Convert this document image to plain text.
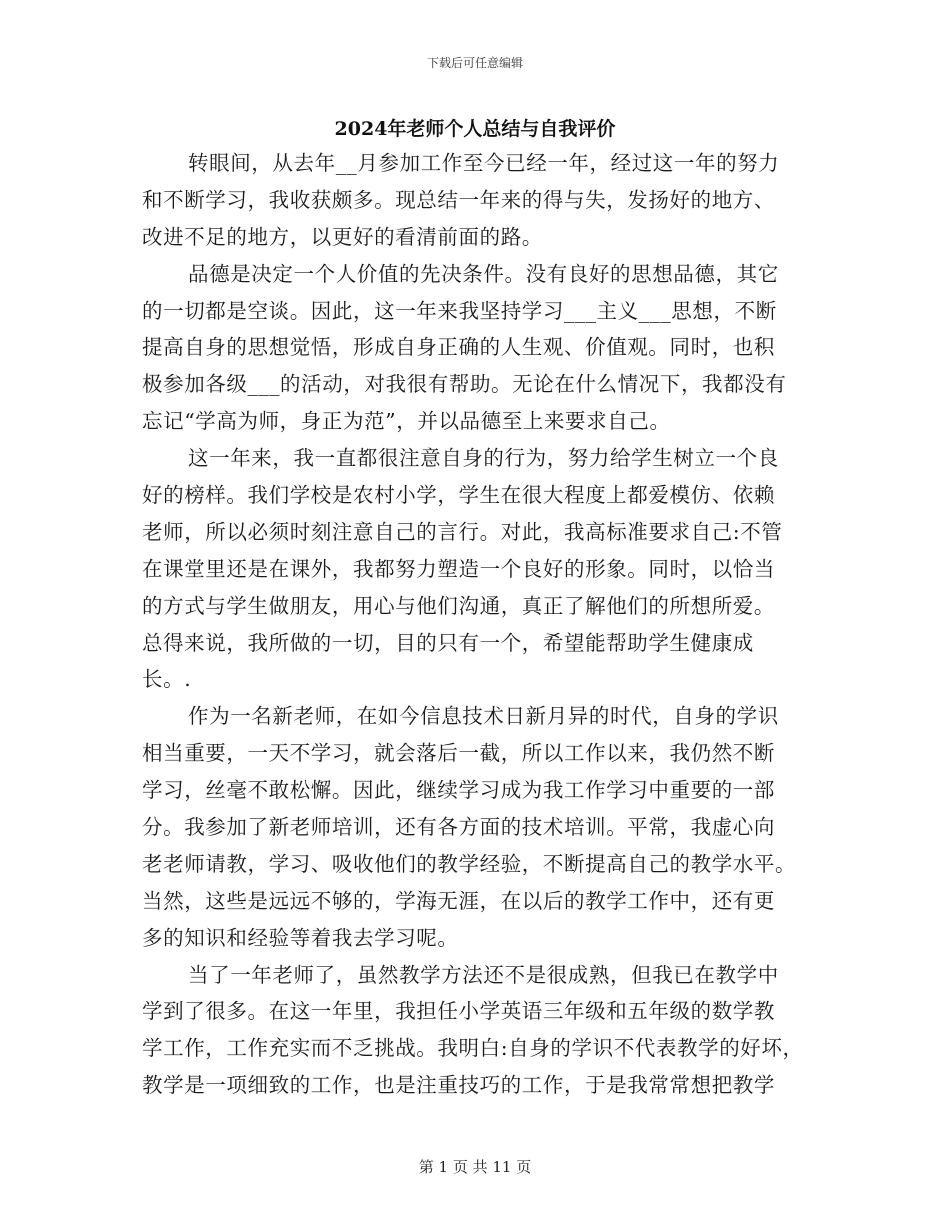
下载后可任意编辑
2024年老师个人总结与自我评价
转眼间，从去年__月参加工作至今已经一年，经过这一年的努力
和不断学习，我收获颇多。现总结一年来的得与失，发扬好的地方、
改进不足的地方，以更好的看清前面的路。
品德是决定一个人价值的先决条件。没有良好的思想品德，其它
的一切都是空谈。因此，这一年来我坚持学习___主义___思想，不断
提高自身的思想觉悟，形成自身正确的人生观、价值观。同时，也积
极参加各级___的活动，对我很有帮助。无论在什么情况下，我都没有
忘记“学高为师，身正为范”，并以品德至上来要求自己。
这一年来，我一直都很注意自身的行为，努力给学生树立一个良
好的榜样。我们学校是农村小学，学生在很大程度上都爱模仿、依赖
老师，所以必须时刻注意自己的言行。对此，我高标准要求自己:不管
在课堂里还是在课外，我都努力塑造一个良好的形象。同时，以恰当
的方式与学生做朋友，用心与他们沟通，真正了解他们的所想所爱。
总得来说，我所做的一切，目的只有一个，希望能帮助学生健康成
长。.
作为一名新老师，在如今信息技术日新月异的时代，自身的学识
相当重要，一天不学习，就会落后一截，所以工作以来，我仍然不断
学习，丝毫不敢松懈。因此，继续学习成为我工作学习中重要的一部
分。我参加了新老师培训，还有各方面的技术培训。平常，我虚心向
老老师请教，学习、吸收他们的教学经验，不断提高自己的教学水平。
当然，这些是远远不够的，学海无涯，在以后的教学工作中，还有更
多的知识和经验等着我去学习呢。
当了一年老师了，虽然教学方法还不是很成熟，但我已在教学中
学到了很多。在这一年里，我担任小学英语三年级和五年级的数学教
学工作，工作充实而不乏挑战。我明白:自身的学识不代表教学的好坏，
教学是一项细致的工作，也是注重技巧的工作，于是我常常想把教学
第 1 页 共 11 页
